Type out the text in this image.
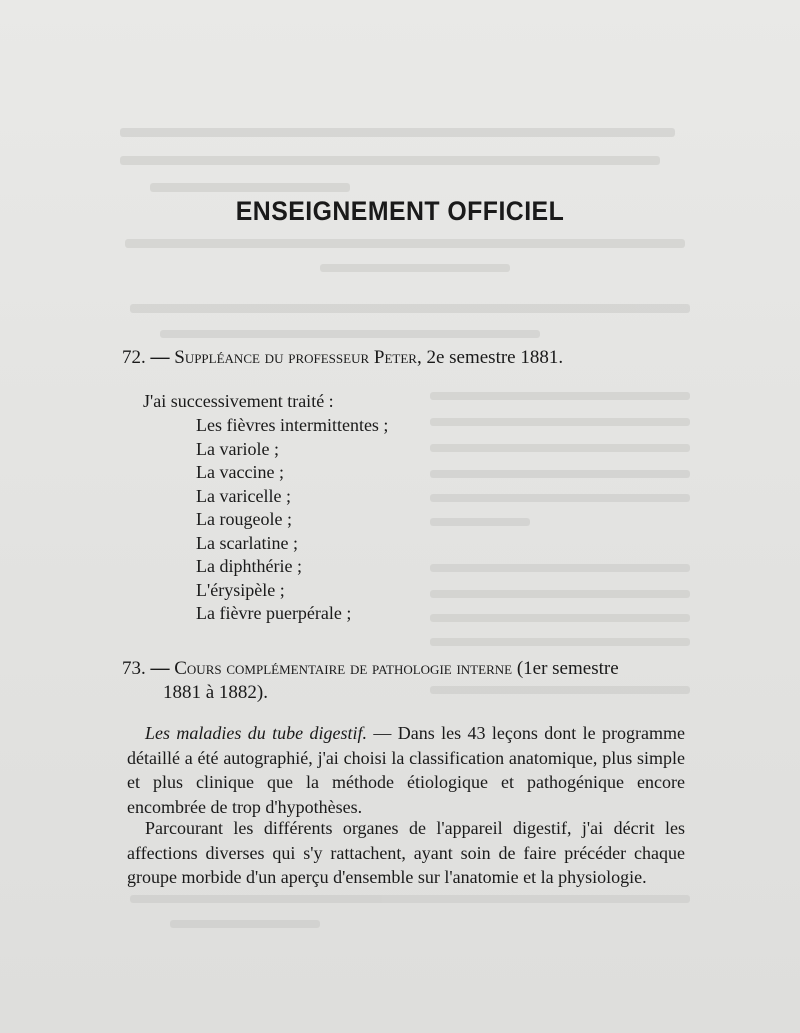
ENSEIGNEMENT OFFICIEL
72. — Suppléance du professeur Peter, 2e semestre 1881.
J'ai successivement traité :
Les fièvres intermittentes ;
La variole ;
La vaccine ;
La varicelle ;
La rougeole ;
La scarlatine ;
La diphthérie ;
L'érysipèle ;
La fièvre puerpérale ;
73. — Cours complémentaire de pathologie interne (1er semestre
1881 à 1882).

Les maladies du tube digestif. — Dans les 43 leçons dont le programme détaillé a été autographié, j'ai choisi la classification anatomique, plus simple et plus clinique que la méthode étiologique et pathogénique encore encombrée de trop d'hypothèses.

Parcourant les différents organes de l'appareil digestif, j'ai décrit les affections diverses qui s'y rattachent, ayant soin de faire précéder chaque groupe morbide d'un aperçu d'ensemble sur l'anatomie et la physiologie.
